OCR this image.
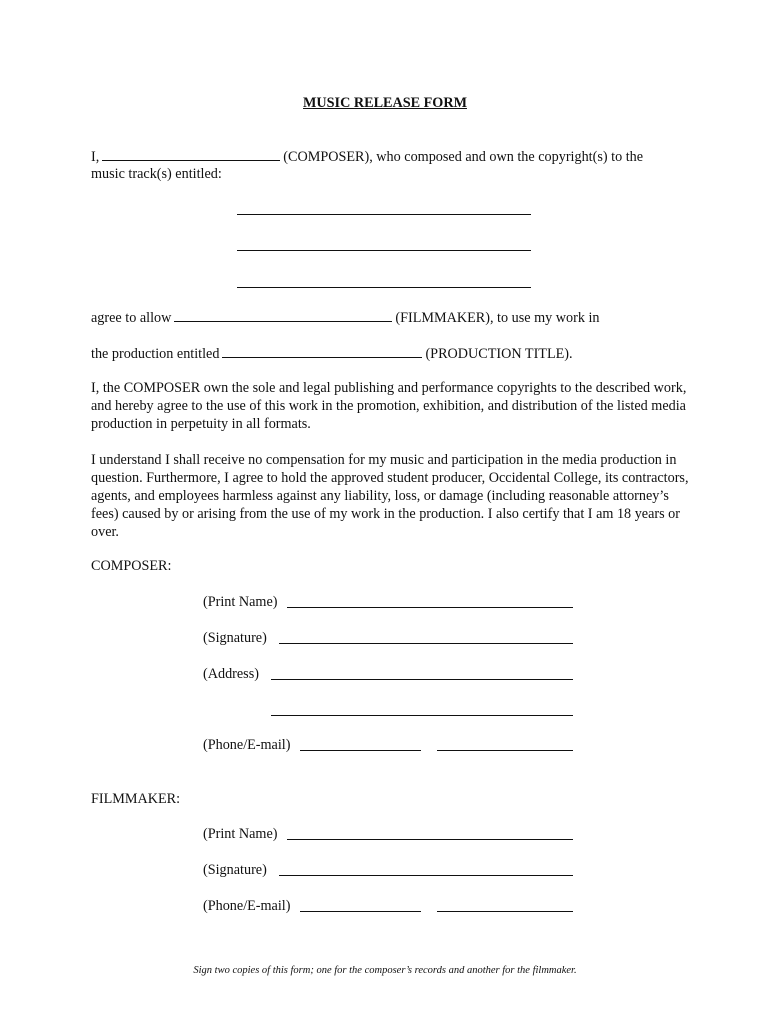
MUSIC RELEASE FORM
I,	(COMPOSER), who composed and own the copyright(s) to the
music track(s) entitled:
agree to allow	(FILMMAKER), to use my work in
the production entitled	(PRODUCTION TITLE).
I, the COMPOSER own the sole and legal publishing and performance copyrights to the described work, and hereby agree to the use of this work in the promotion, exhibition, and distribution of the listed media production in perpetuity in all formats.
I understand I shall receive no compensation for my music and participation in the media production in question. Furthermore, I agree to hold the approved student producer, Occidental College, its contractors, agents, and employees harmless against any liability, loss, or damage (including reasonable attorney’s fees) caused by or arising from the use of my work in the production. I also certify that I am 18 years or over.
COMPOSER:
(Print Name)
(Signature)
(Address)
(Phone/E-mail)
FILMMAKER:
(Print Name)
(Signature)
(Phone/E-mail)
Sign two copies of this form; one for the composer’s records and another for the filmmaker.
